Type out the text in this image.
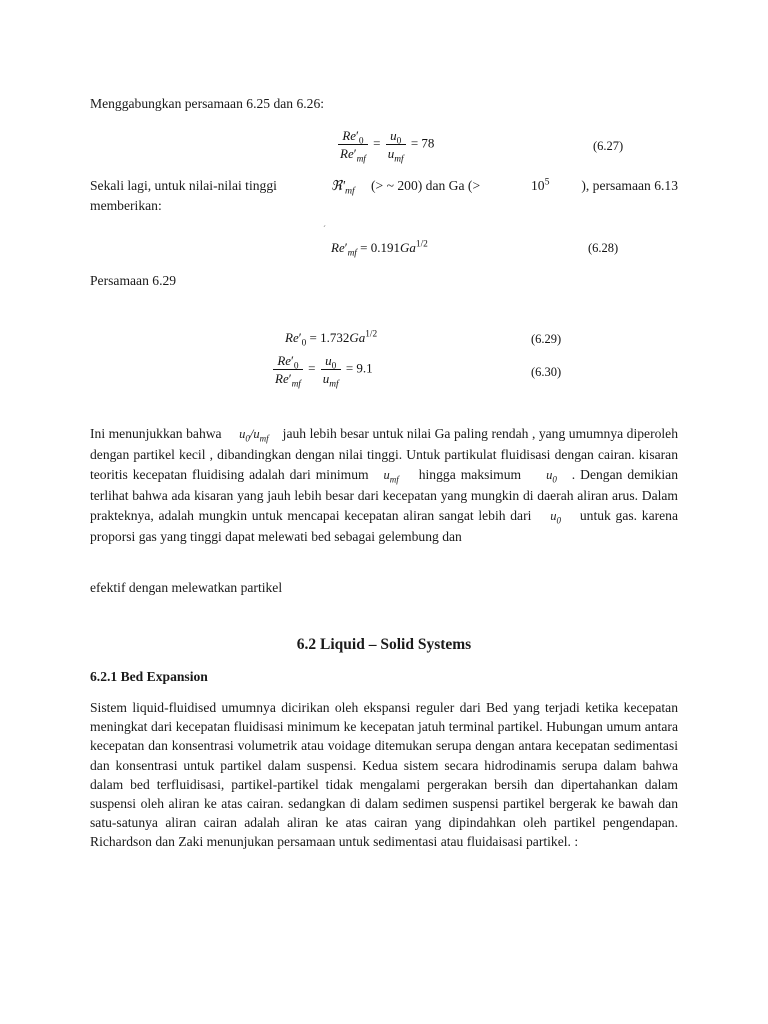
Menggabungkan persamaan 6.25 dan 6.26:

$\frac{Re'_0}{Re'_{mf}} = \frac{u_0}{u_{mf}} = 78$	(6.27)
Sekali lagi, untuk nilai-nilai tinggi	$ℜ'_{mf}$ (> ~ 200) dan Ga (>	$10^5$ ), persamaan 6.13
memberikan:
ˊ
$Re'_{mf} = 0.191Ga^{1/2}$	(6.28)

Persamaan 6.29

$Re'_0 = 1.732Ga^{1/2}$	(6.29)
$\frac{Re'_0}{Re'_{mf}} = \frac{u_0}{u_{mf}} = 9.1$	(6.30)

Ini menunjukkan bahwa $u_0/u_{mf}$ jauh lebih besar untuk nilai Ga paling rendah , yang umumnya diperoleh dengan partikel kecil , dibandingkan dengan nilai tinggi. Untuk partikulat fluidisasi dengan cairan. kisaran teoritis kecepatan fluidising adalah dari minimum $u_{mf}$ hingga maksimum $u_0$ . Dengan demikian terlihat bahwa ada kisaran yang jauh lebih besar dari kecepatan yang mungkin di daerah aliran arus. Dalam prakteknya, adalah mungkin untuk mencapai kecepatan aliran sangat lebih dari $u_0$ untuk gas. karena proporsi gas yang tinggi dapat melewati bed sebagai gelembung dan

efektif dengan melewatkan partikel

6.2 Liquid – Solid Systems
6.2.1 Bed Expansion

Sistem liquid-fluidised umumnya dicirikan oleh ekspansi reguler dari Bed yang terjadi ketika kecepatan meningkat dari kecepatan fluidisasi minimum ke kecepatan jatuh terminal partikel. Hubungan umum antara kecepatan dan konsentrasi volumetrik atau voidage ditemukan serupa dengan antara kecepatan sedimentasi dan konsentrasi untuk partikel dalam suspensi. Kedua sistem secara hidrodinamis serupa dalam bahwa dalam bed terfluidisasi, partikel-partikel tidak mengalami pergerakan bersih dan dipertahankan dalam suspensi oleh aliran ke atas cairan. sedangkan di dalam sedimen suspensi partikel bergerak ke bawah dan satu-satunya aliran cairan adalah aliran ke atas cairan yang dipindahkan oleh partikel pengendapan. Richardson dan Zaki menunjukan persamaan untuk sedimentasi atau fluidaisasi partikel. :
